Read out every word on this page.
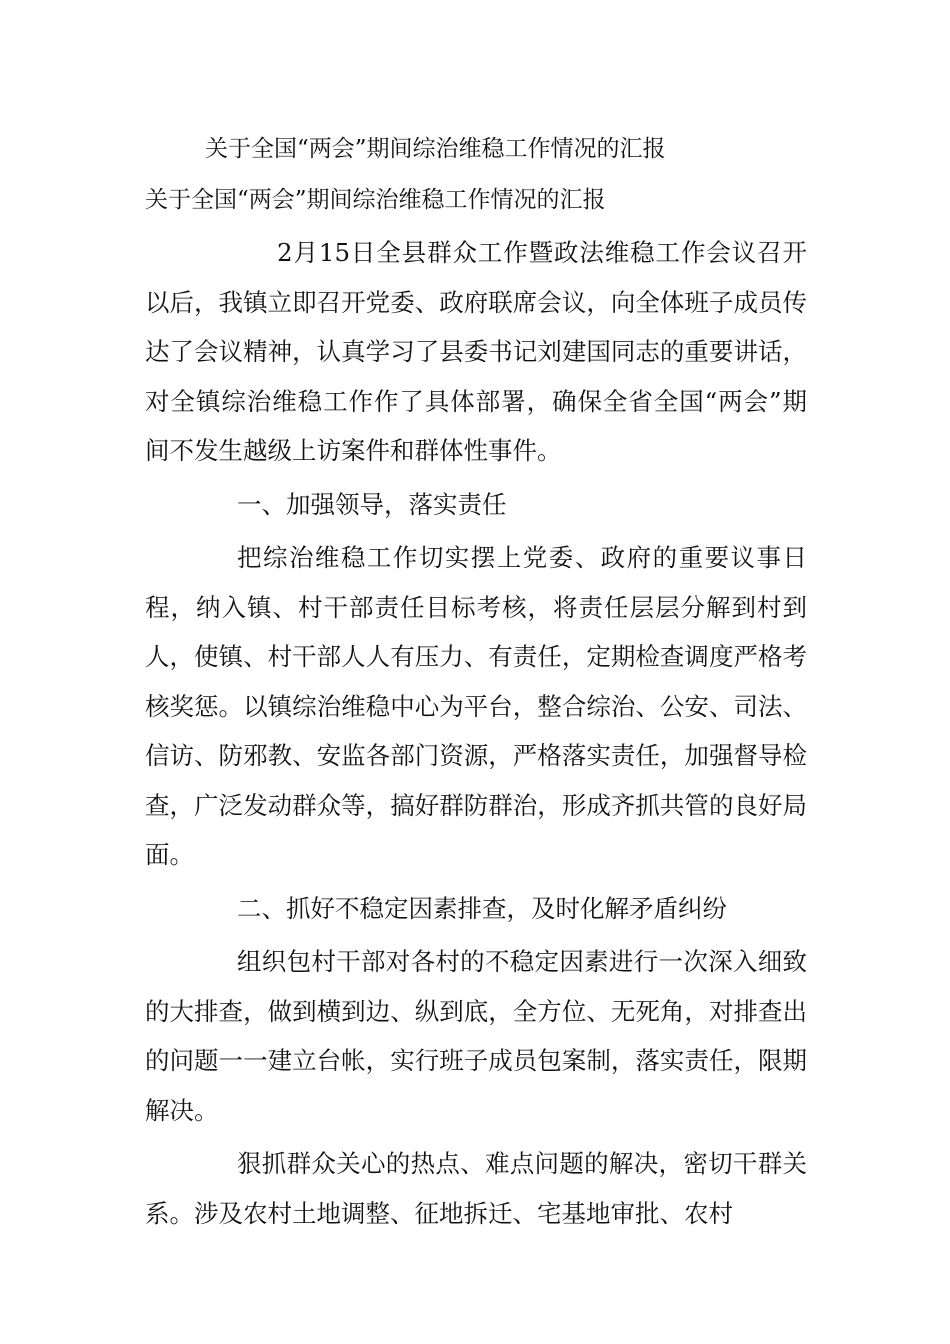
关于全国“两会”期间综治维稳工作情况的汇报
关于全国“两会”期间综治维稳工作情况的汇报

2月15日全县群众工作暨政法维稳工作会议召开以后，我镇立即召开党委、政府联席会议，向全体班子成员传达了会议精神，认真学习了县委书记刘建国同志的重要讲话，对全镇综治维稳工作作了具体部署，确保全省全国“两会”期间不发生越级上访案件和群体性事件。

一、加强领导，落实责任

把综治维稳工作切实摆上党委、政府的重要议事日程，纳入镇、村干部责任目标考核，将责任层层分解到村到人，使镇、村干部人人有压力、有责任，定期检查调度严格考核奖惩。以镇综治维稳中心为平台，整合综治、公安、司法、信访、防邪教、安监各部门资源，严格落实责任，加强督导检查，广泛发动群众等，搞好群防群治，形成齐抓共管的良好局面。

二、抓好不稳定因素排查，及时化解矛盾纠纷

组织包村干部对各村的不稳定因素进行一次深入细致的大排查，做到横到边、纵到底，全方位、无死角，对排查出的问题一一建立台帐，实行班子成员包案制，落实责任，限期解决。

狠抓群众关心的热点、难点问题的解决，密切干群关系。涉及农村土地调整、征地拆迁、宅基地审批、农村
